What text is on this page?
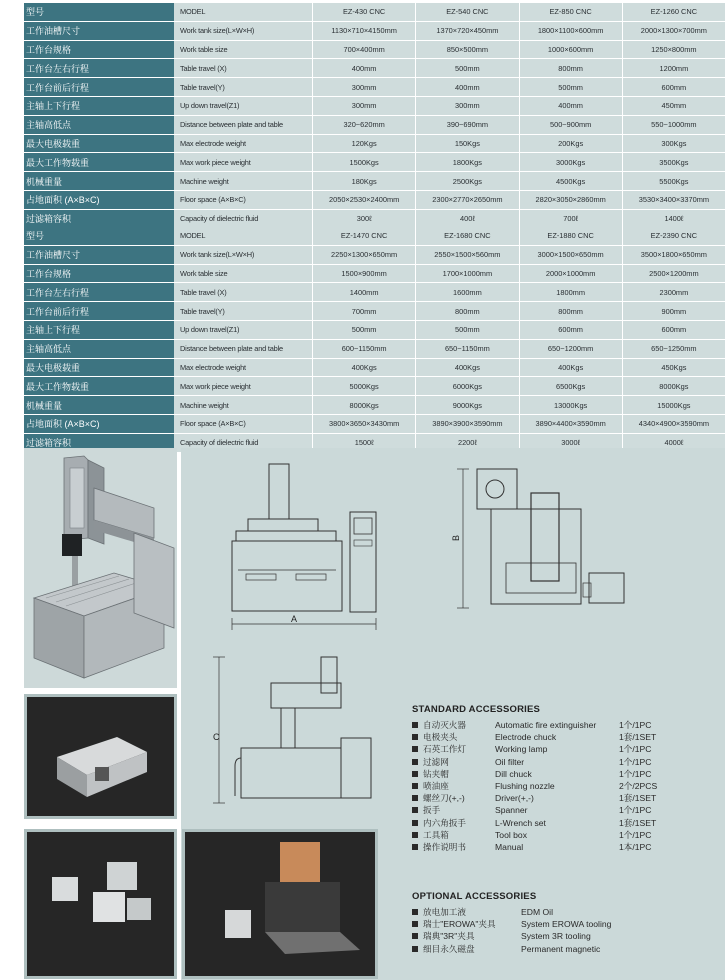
型号	MODEL	EZ-430 CNC	EZ-540 CNC	EZ-850 CNC	EZ-1260 CNC
工作油槽尺寸	Work tank size(L×W×H)	1130×710×4150mm	1370×720×450mm	1800×1100×600mm	2000×1300×700mm
工作台规格	Work table size	700×400mm	850×500mm	1000×600mm	1250×800mm
工作台左右行程	Table travel (X)	400mm	500mm	800mm	1200mm
工作台前后行程	Table travel(Y)	300mm	400mm	500mm	600mm
主轴上下行程	Up down travel(Z1)	300mm	300mm	400mm	450mm
主轴高低点	Distance between plate and table	320~620mm	390~690mm	500~900mm	550~1000mm
最大电极载重	Max electrode weight	120Kgs	150Kgs	200Kgs	300Kgs
最大工作物载重	Max work piece weight	1500Kgs	1800Kgs	3000Kgs	3500Kgs
机械重量	Machine weight	180Kgs	2500Kgs	4500Kgs	5500Kgs
占地面积 (A×B×C)	Floor space (A×B×C)	2050×2530×2400mm	2300×2770×2650mm	2820×3050×2860mm	3530×3400×3370mm
过滤箱容积	Capacity of dielectric fluid	300ℓ	400ℓ	700ℓ	1400ℓ
型号	MODEL	EZ-1470 CNC	EZ-1680 CNC	EZ-1880 CNC	EZ-2390 CNC
工作油槽尺寸	Work tank size(L×W×H)	2250×1300×650mm	2550×1500×560mm	3000×1500×650mm	3500×1800×650mm
工作台规格	Work table size	1500×900mm	1700×1000mm	2000×1000mm	2500×1200mm
工作台左右行程	Table travel (X)	1400mm	1600mm	1800mm	2300mm
工作台前后行程	Table travel(Y)	700mm	800mm	800mm	900mm
主轴上下行程	Up down travel(Z1)	500mm	500mm	600mm	600mm
主轴高低点	Distance between plate and table	600~1150mm	650~1150mm	650~1200mm	650~1250mm
最大电极载重	Max electrode weight	400Kgs	400Kgs	400Kgs	450Kgs
最大工作物载重	Max work piece weight	5000Kgs	6000Kgs	6500Kgs	8000Kgs
机械重量	Machine weight	8000Kgs	9000Kgs	13000Kgs	15000Kgs
占地面积 (A×B×C)	Floor space (A×B×C)	3800×3650×3430mm	3890×3900×3590mm	3890×4400×3590mm	4340×4900×3590mm
过滤箱容积	Capacity of dielectric fluid	1500ℓ	2200ℓ	3000ℓ	4000ℓ
A
B
C
STANDARD ACCESSORIES
自动灭火器	Automatic fire extinguisher	1个/1PC
电极夹头	Electrode chuck	1套/1SET
石英工作灯	Working lamp	1个/1PC
过滤网	Oil filter	1个/1PC
钻夹帽	Dill chuck	1个/1PC
喷油座	Flushing nozzle	2个/2PCS
螺丝刀(+,-)	Driver(+,-)	1套/1SET
扳手	Spanner	1个/1PC
内六角扳手	L-Wrench set	1套/1SET
工具箱	Tool box	1个/1PC
操作说明书	Manual	1本/1PC
OPTIONAL ACCESSORIES
放电加工液	EDM Oil
瑞士"EROWA"夹具	System EROWA tooling
瑞典"3R"夹具	System 3R tooling
细目永久磁盘	Permanent magnetic
